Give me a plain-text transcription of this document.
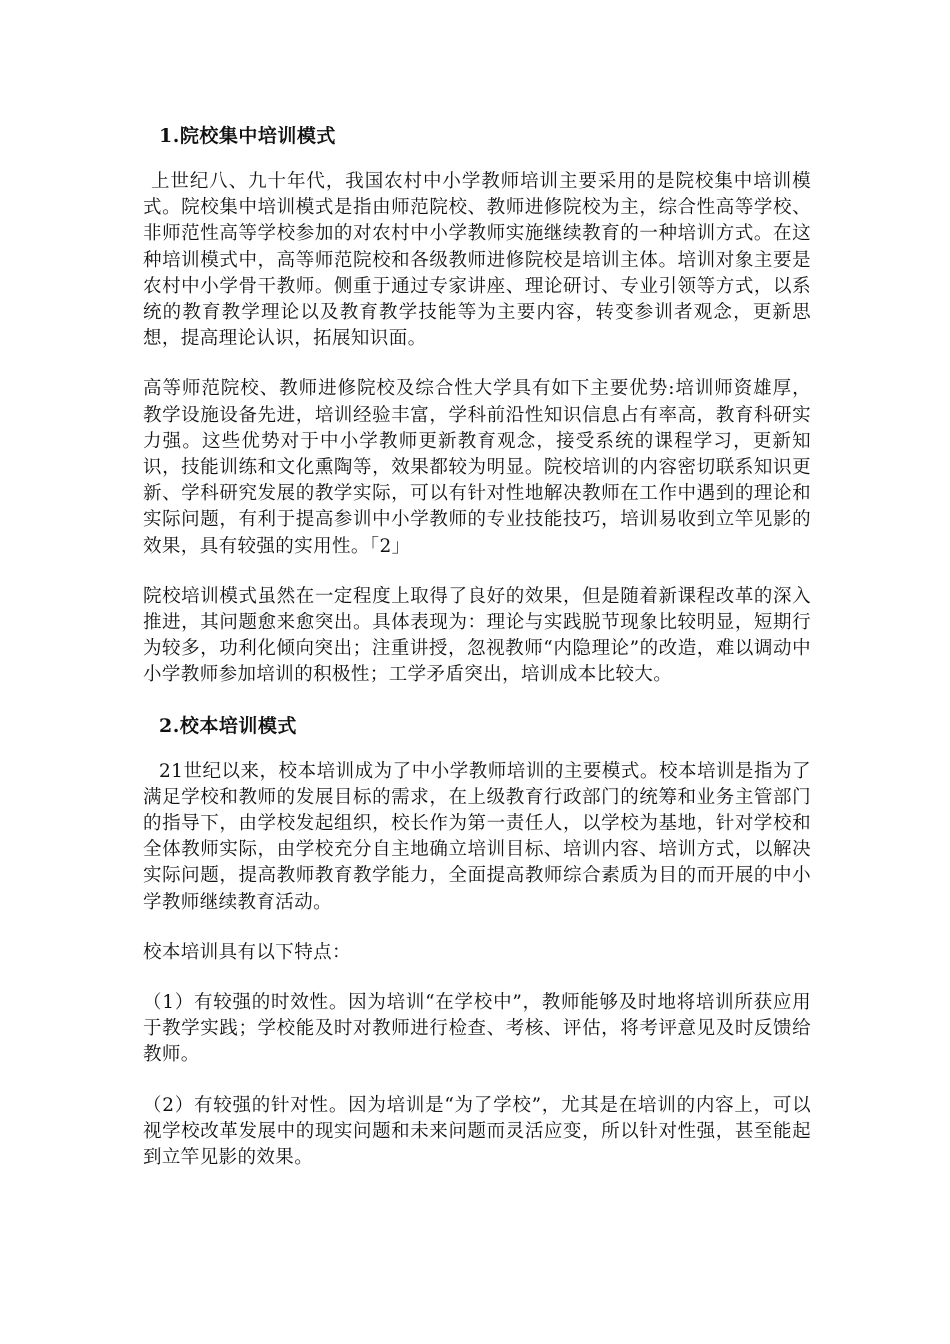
1.院校集中培训模式

上世纪八、九十年代，我国农村中小学教师培训主要采用的是院校集中培训模式。院校集中培训模式是指由师范院校、教师进修院校为主，综合性高等学校、非师范性高等学校参加的对农村中小学教师实施继续教育的一种培训方式。在这种培训模式中，高等师范院校和各级教师进修院校是培训主体。培训对象主要是农村中小学骨干教师。侧重于通过专家讲座、理论研讨、专业引领等方式，以系统的教育教学理论以及教育教学技能等为主要内容，转变参训者观念，更新思想，提高理论认识，拓展知识面。

高等师范院校、教师进修院校及综合性大学具有如下主要优势:培训师资雄厚，教学设施设备先进，培训经验丰富，学科前沿性知识信息占有率高，教育科研实力强。这些优势对于中小学教师更新教育观念，接受系统的课程学习，更新知识，技能训练和文化熏陶等，效果都较为明显。院校培训的内容密切联系知识更新、学科研究发展的教学实际，可以有针对性地解决教师在工作中遇到的理论和实际问题，有利于提高参训中小学教师的专业技能技巧，培训易收到立竿见影的效果，具有较强的实用性。「2」

院校培训模式虽然在一定程度上取得了良好的效果，但是随着新课程改革的深入推进，其问题愈来愈突出。具体表现为：理论与实践脱节现象比较明显，短期行为较多，功利化倾向突出；注重讲授，忽视教师“内隐理论”的改造，难以调动中小学教师参加培训的积极性；工学矛盾突出，培训成本比较大。

2.校本培训模式

21世纪以来，校本培训成为了中小学教师培训的主要模式。校本培训是指为了满足学校和教师的发展目标的需求，在上级教育行政部门的统筹和业务主管部门的指导下，由学校发起组织，校长作为第一责任人，以学校为基地，针对学校和全体教师实际，由学校充分自主地确立培训目标、培训内容、培训方式，以解决实际问题，提高教师教育教学能力，全面提高教师综合素质为目的而开展的中小学教师继续教育活动。

校本培训具有以下特点：

（1）有较强的时效性。因为培训“在学校中”，教师能够及时地将培训所获应用于教学实践；学校能及时对教师进行检查、考核、评估，将考评意见及时反馈给教师。

（2）有较强的针对性。因为培训是“为了学校”，尤其是在培训的内容上，可以视学校改革发展中的现实问题和未来问题而灵活应变，所以针对性强，甚至能起到立竿见影的效果。
